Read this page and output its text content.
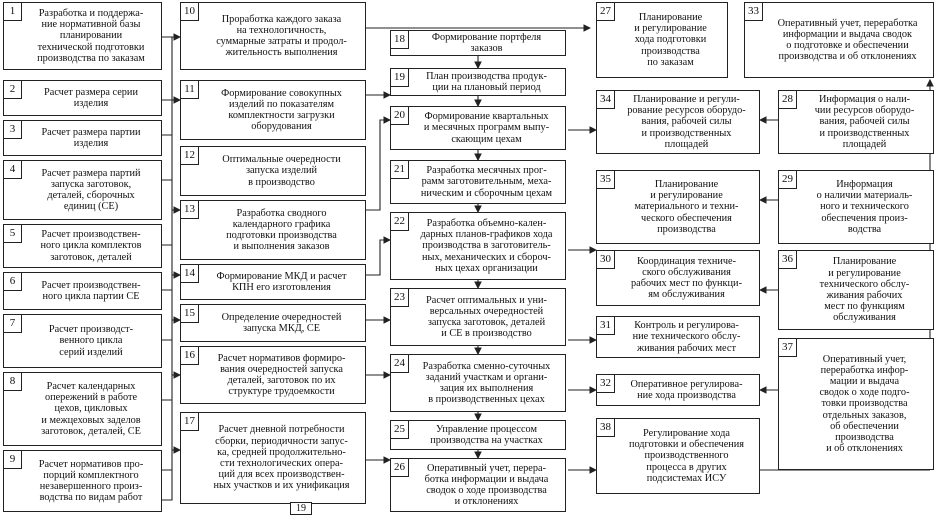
1	Разработка и поддержа-
ние нормативной базы
планировании
технической подготовки
производства по заказам
2	Расчет размера серии
изделия
3	Расчет размера партии
изделия
4	Расчет размера партий
запуска заготовок,
деталей, сборочных
единиц (СЕ)
5	Расчет производствен-
ного цикла комплектов
заготовок, деталей
6	Расчет производствен-
ного цикла партии СЕ
7
Расчет производст-
венного цикла
серий изделий
8	Расчет календарных
опережений в работе
цехов, цикловых
и межцеховых заделов
заготовок, деталей, СЕ
9	Расчет нормативов про-
порций комплектного
незавершенного произ-
водства по видам работ
10
Проработка каждого заказа
на технологичность,
суммарные затраты и продол-
жительность выполнения
11	Формирование совокупных
изделий по показателям
комплектности загрузки
оборудования
12	Оптимальные очередности
запуска изделий
в производство
13	Разработка сводного
календарного графика
подготовки производства
и выполнения заказов
14	Формирование МКД и расчет
КПН его изготовления
15	Определение очередностей
запуска МКД, СЕ
16	Расчет нормативов формиро-
вания очередностей запуска
деталей, заготовок по их
структуре трудоемкости
17
Расчет дневной потребности
сборки, периодичности запус-
ка, средней продолжительно-
сти технологических опера-
ций для всех производствен-
ных участков и их унификация
18	Формирование портфеля
заказов
19	План производства продук-
ции на плановый период
20	Формирование квартальных
и месячных программ выпу-
скающим цехам
21	Разработка месячных прог-
рамм заготовительным, меха-
ническим и сборочным цехам
22	Разработка объемно-кален-
дарных планов-графиков хода
производства в заготовитель-
ных, механических и сбороч-
ных цехах организации
23	Расчет оптимальных и уни-
версальных очередностей
запуска заготовок, деталей
и СЕ в производство
24	Разработка сменно-суточных
заданий участкам и органи-
зация их выполнения
в производственных цехах
25	Управление процессом
производства на участках
26	Оперативный учет, перера-
ботка информации и выдача
сводок о ходе производства
и отклонениях
27
Планирование
и регулирование
хода подготовки
производства
по заказам
28	Информация о нали-
чии ресурсов оборудо-
вания, рабочей силы
и производственных
площадей
29	Информация
о наличии материаль-
ного и технического
обеспечения произ-
водства
30	Координация техниче-
ского обслуживания
рабочих мест по функци-
ям обслуживания
31	Контроль и регулирова-
ние технического обслу-
живания рабочих мест
32	Оперативное регулирова-
ние хода производства
33
Оперативный учет, переработка
информации и выдача сводок
о подготовке и обеспечении
производства и об отклонениях
34	Планирование и регули-
рование ресурсов оборудо-
вания, рабочей силы
и производственных
площадей
35	Планирование
и регулирование
материального и техни-
ческого обеспечения
производства
36	Планирование
и регулирование
технического обслу-
живания рабочих
мест по функциям
обслуживания
37
Оперативный учет,
переработка инфор-
мации и выдача
сводок о ходе подго-
товки производства
отдельных заказов,
об обеспечении
производства
и об отклонениях
38
Регулирование хода
подготовки и обеспечения
производственного
процесса в других
подсистемах ИСУ
19
